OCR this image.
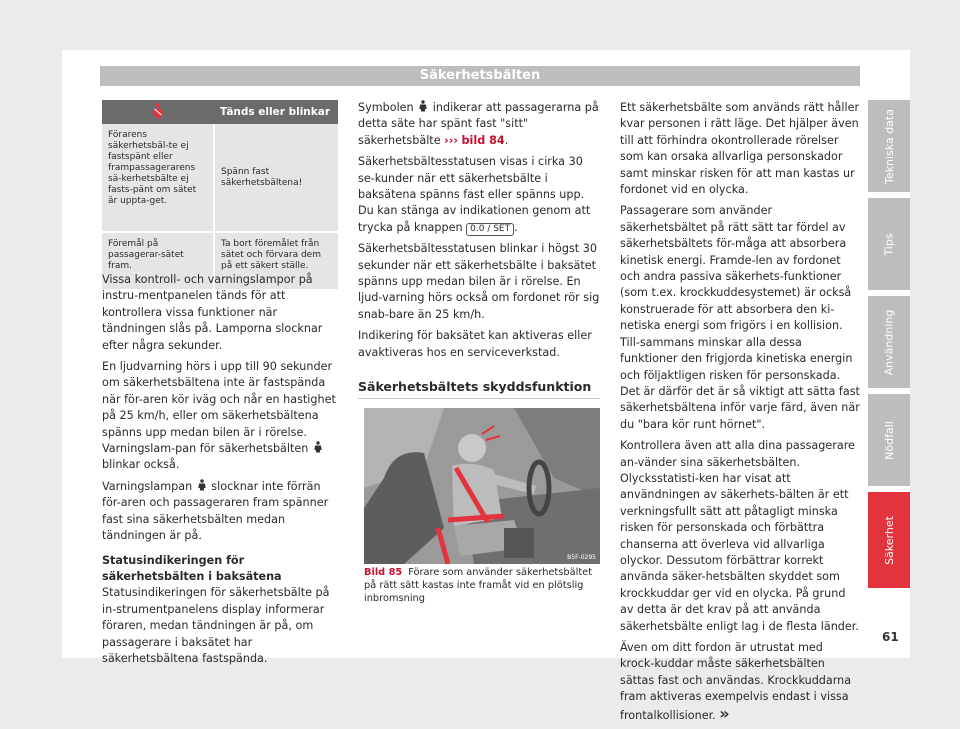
Säkerhetsbälten
Tekniska data
Tips
Användning
Nödfall
Säkerhet
61
	Tänds eller blinkar
Förarens säkerhetsbäl-te ej fastspänt eller frampassagerarens sä-kerhetsbälte ej fasts-pänt om sätet är uppta-get.	Spänn fast säkerhetsbältena!
Föremål på passagerar-sätet fram.	Ta bort föremålet från sätet och förvara dem på ett säkert ställe.

Vissa kontroll- och varningslampor på instru-mentpanelen tänds för att kontrollera vissa funktioner när tändningen slås på. Lamporna slocknar efter några sekunder.

En ljudvarning hörs i upp till 90 sekunder om säkerhetsbältena inte är fastspända när för-aren kör iväg och når en hastighet på 25 km/h, eller om säkerhetsbältena spänns upp medan bilen är i rörelse. Varningslam-pan för säkerhetsbälten  blinkar också.

Varningslampan slocknar inte förrän för-aren och passageraren fram spänner fast sina säkerhetsbälten medan tändningen är på.

Statusindikeringen för säkerhetsbälten i baksätena

Statusindikeringen för säkerhetsbälte på in-strumentpanelens display informerar föraren, medan tändningen är på, om passagerare i baksätet har säkerhetsbältena fastspända.

Symbolen indikerar att passagerarna på detta säte har spänt fast "sitt" säkerhetsbälte ››› bild 84.

Säkerhetsbältesstatusen visas i cirka 30 se-kunder när ett säkerhetsbälte i baksätena spänns fast eller spänns upp. Du kan stänga av indikationen genom att trycka på knappen 0.0 / SET .

Säkerhetsbältesstatusen blinkar i högst 30 sekunder när ett säkerhetsbälte i baksätet spänns upp medan bilen är i rörelse. En ljud-varning hörs också om fordonet rör sig snab-bare än 25 km/h.

Indikering för baksätet kan aktiveras eller avaktiveras hos en serviceverkstad.

Säkerhetsbältets skyddsfunktion
B5F-0295
Bild 85 Förare som använder säkerhetsbältet på rätt sätt kastas inte framåt vid en plötslig inbromsning

Ett säkerhetsbälte som används rätt håller kvar personen i rätt läge. Det hjälper även till att förhindra okontrollerade rörelser som kan orsaka allvarliga personskador samt minskar risken för att man kastas ur fordonet vid en olycka.

Passagerare som använder säkerhetsbältet på rätt sätt tar fördel av säkerhetsbältets för-måga att absorbera kinetisk energi. Framde-len av fordonet och andra passiva säkerhets-funktioner (som t.ex. krockkuddesystemet) är också konstruerade för att absorbera den ki-netiska energi som frigörs i en kollision. Till-sammans minskar alla dessa funktioner den frigjorda kinetiska energin och följaktligen risken för personskada. Det är därför det är så viktigt att sätta fast säkerhetsbältena inför varje färd, även när du "bara kör runt hörnet".

Kontrollera även att alla dina passagerare an-vänder sina säkerhetsbälten. Olycksstatisti-ken har visat att användningen av säkerhets-bälten är ett verkningsfullt sätt att påtagligt minska risken för personskada och förbättra chanserna att överleva vid allvarliga olyckor. Dessutom förbättrar korrekt använda säker-hetsbälten skyddet som krockkuddar ger vid en olycka. På grund av detta är det krav på att använda säkerhetsbälte enligt lag i de flesta länder.

Även om ditt fordon är utrustat med krock-kuddar måste säkerhetsbälten sättas fast och användas. Krockkuddarna fram aktiveras exempelvis endast i vissa frontalkollisioner. »
